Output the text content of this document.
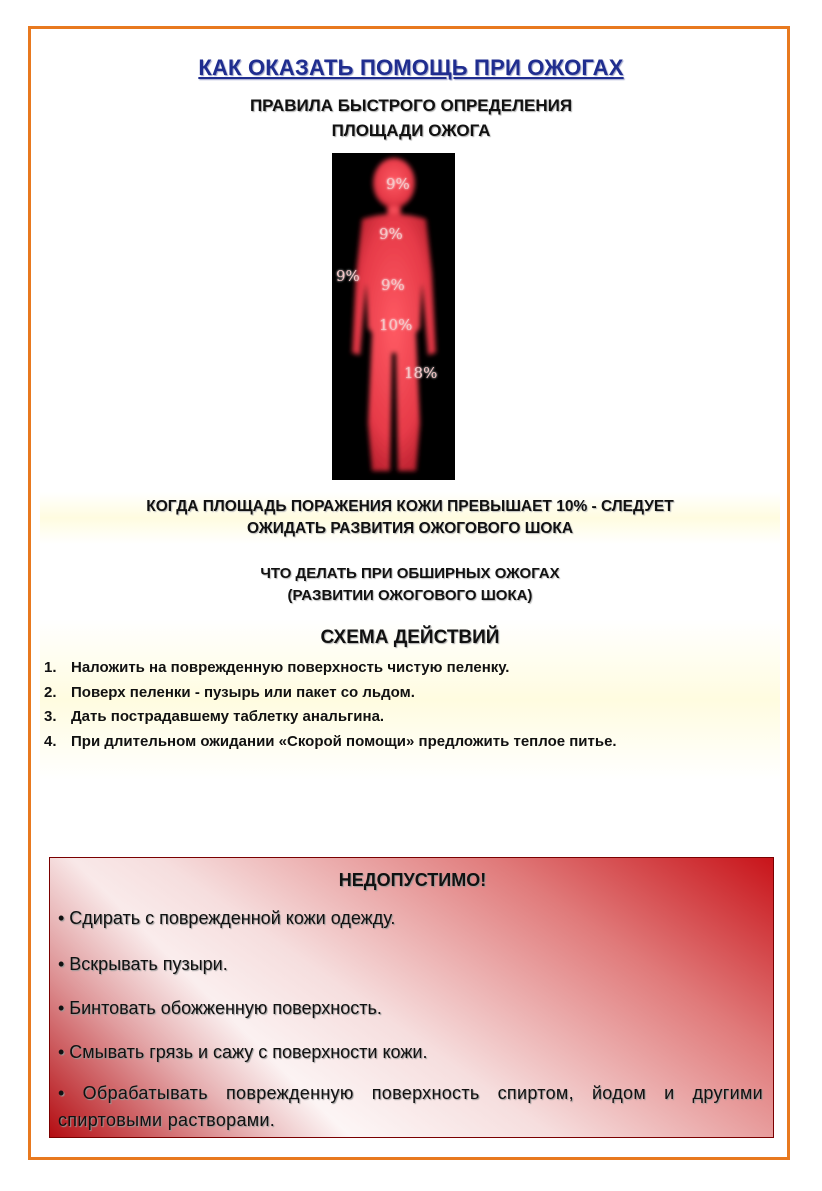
КАК ОКАЗАТЬ ПОМОЩЬ ПРИ ОЖОГАХ
ПРАВИЛА БЫСТРОГО ОПРЕДЕЛЕНИЯ
ПЛОЩАДИ ОЖОГА
9%
9%
9% 9%
10%
18%
КОГДА ПЛОЩАДЬ ПОРАЖЕНИЯ КОЖИ ПРЕВЫШАЕТ 10% - СЛЕДУЕТ
ОЖИДАТЬ РАЗВИТИЯ ОЖОГОВОГО ШОКА
ЧТО ДЕЛАТЬ ПРИ ОБШИРНЫХ ОЖОГАХ
(РАЗВИТИИ ОЖОГОВОГО ШОКА)
СХЕМА ДЕЙСТВИЙ
1. Наложить на поврежденную поверхность чистую пеленку.
2. Поверх пеленки - пузырь или пакет со льдом.
3. Дать пострадавшему таблетку анальгина.
4. При длительном ожидании «Скорой помощи» предложить теплое питье.
НЕДОПУСТИМО!
• Сдирать с поврежденной кожи одежду.
• Вскрывать пузыри.
• Бинтовать обожженную поверхность.
• Смывать грязь и сажу с поверхности кожи.
• Обрабатывать поврежденную поверхность спиртом, йодом и другими спиртовыми растворами.
